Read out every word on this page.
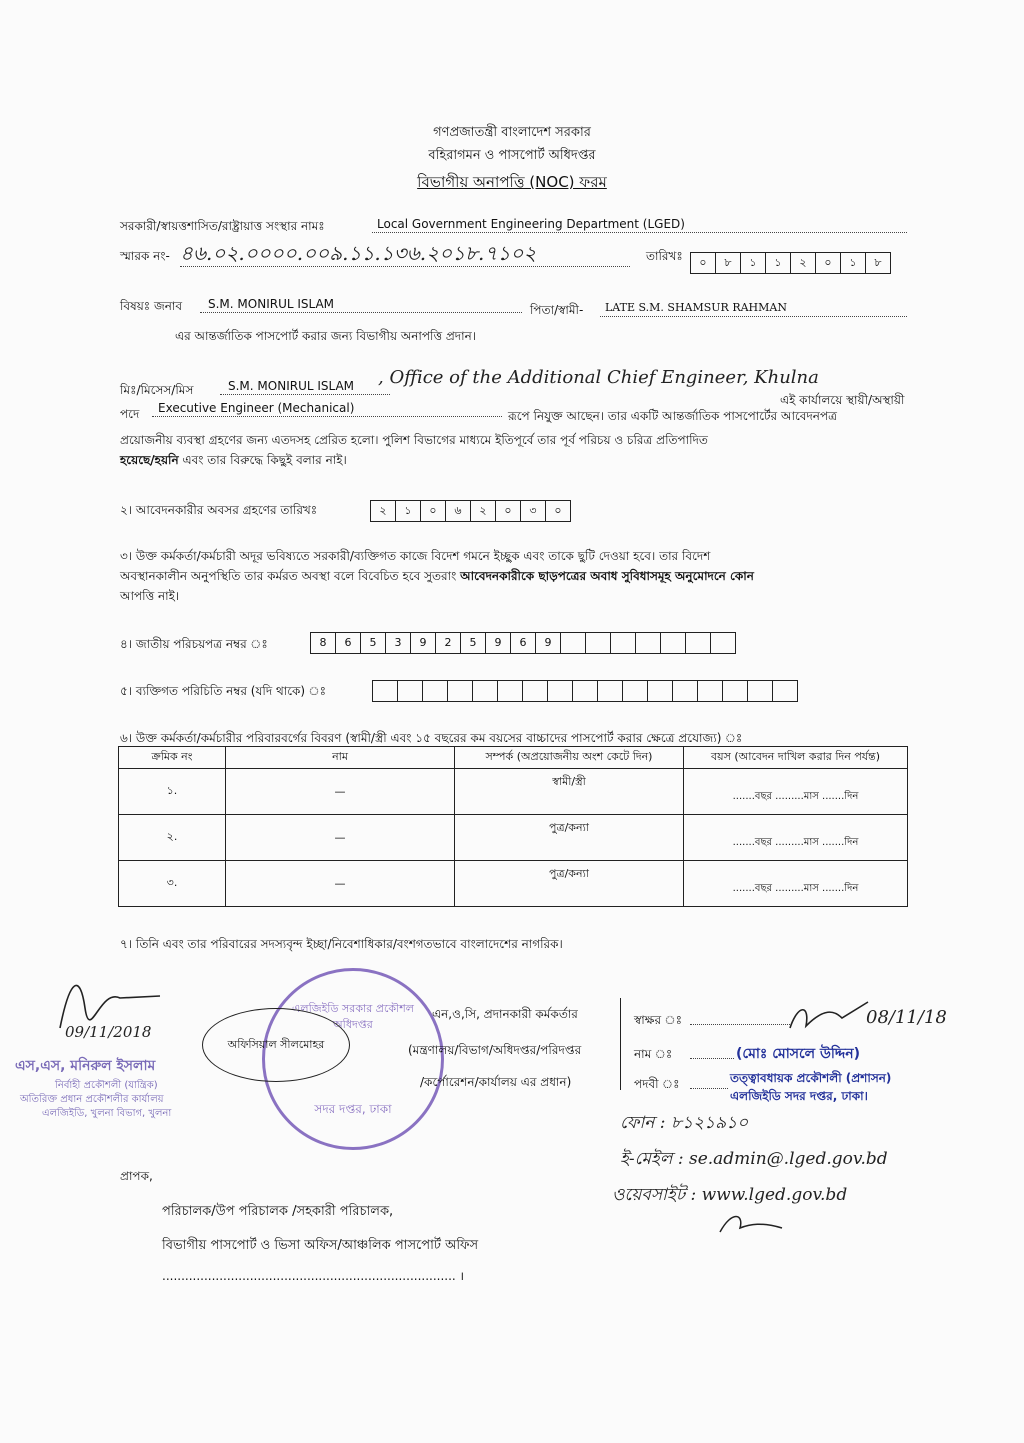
গণপ্রজাতন্ত্রী বাংলাদেশ সরকার
বহিরাগমন ও পাসপোর্ট অধিদপ্তর
বিভাগীয় অনাপত্তি (NOC) ফরম
সরকারী/স্বায়ত্তশাসিত/রাষ্ট্রায়াত্ত সংস্থার নামঃ	Local Government Engineering Department (LGED)
স্মারক নং- ৪৬.০২.০০০০.০০৯.১১.১৩৬.২০১৮.৭১০২	তারিখঃ	০	৮	১	১	২	০	১	৮
বিষয়ঃ জনাব	S.M. MONIRUL ISLAM	পিতা/স্বামী-	LATE S.M. SHAMSUR RAHMAN
এর আন্তর্জাতিক পাসপোর্ট করার জন্য বিভাগীয় অনাপত্তি প্রদান।
মিঃ/মিসেস/মিস	S.M. MONIRUL ISLAM	, Office of the Additional Chief Engineer, Khulna
এই কার্যালয়ে স্থায়ী/অস্থায়ী
পদে	Executive Engineer (Mechanical)
রূপে নিযুক্ত আছেন। তার একটি আন্তর্জাতিক পাসপোর্টের আবেদনপত্র
প্রয়োজনীয় ব্যবস্থা গ্রহণের জন্য এতদসহ প্রেরিত হলো। পুলিশ বিভাগের মাধ্যমে ইতিপূর্বে তার পূর্ব পরিচয় ও চরিত্র প্রতিপাদিত
হয়েছে/হয়নি এবং তার বিরুদ্ধে কিছুই বলার নাই।
২। আবেদনকারীর অবসর গ্রহণের তারিখঃ	২	১	০	৬	২	০	৩	০
৩। উক্ত কর্মকর্তা/কর্মচারী অদূর ভবিষ্যতে সরকারী/ব্যক্তিগত কাজে বিদেশ গমনে ইচ্ছুক এবং তাকে ছুটি দেওয়া হবে। তার বিদেশ
অবস্থানকালীন অনুপস্থিতি তার কর্মরত অবস্থা বলে বিবেচিত হবে সুতরাং আবেদনকারীকে ছাড়পত্রের অবাধ সুবিধাসমূহ অনুমোদনে কোন
আপত্তি নাই।
৪। জাতীয় পরিচয়পত্র নম্বর ঃ	8	6	5	3	9	2	5	9	6	9
৫। ব্যক্তিগত পরিচিতি নম্বর (যদি থাকে) ঃ
৬। উক্ত কর্মকর্তা/কর্মচারীর পরিবারবর্গের বিবরণ (স্বামী/স্ত্রী এবং ১৫ বছরের কম বয়সের বাচ্চাদের পাসপোর্ট করার ক্ষেত্রে প্রযোজ্য) ঃ
ক্রমিক নং	নাম	সম্পর্ক (অপ্রয়োজনীয় অংশ কেটে দিন)	বয়স (আবেদন দাখিল করার দিন পর্যন্ত)
১.	—	স্বামী/স্ত্রী	.......বছর .........মাস .......দিন
২.	—	পুত্র/কন্যা	.......বছর .........মাস .......দিন
৩.	—	পুত্র/কন্যা	.......বছর .........মাস .......দিন
৭। তিনি এবং তার পরিবারের সদস্যবৃন্দ ইচ্ছা/নিবেশাধিকার/বংশগতভাবে বাংলাদেশের নাগরিক।
09/11/2018
এস,এস, মনিরুল ইসলাম
নির্বাহী প্রকৌশলী (যান্ত্রিক)
অতিরিক্ত প্রধান প্রকৌশলীর কার্যালয়
এলজিইডি, খুলনা বিভাগ, খুলনা
এলজিইডি সরকার প্রকৌশল অধিদপ্তর
সদর দপ্তর, ঢাকা
অফিসিয়াল সীলমোহর
এন,ও,সি, প্রদানকারী কর্মকর্তার
(মন্ত্রণালয়/বিভাগ/অধিদপ্তর/পরিদপ্তর
/কর্পোরেশন/কার্যালয় এর প্রধান)
স্বাক্ষর ঃ	08/11/18
নাম ঃ	(মোঃ মোসলে উদ্দিন)
পদবী ঃ	তত্ত্বাবধায়ক প্রকৌশলী (প্রশাসন)
এলজিইডি সদর দপ্তর, ঢাকা।
ফোন : ৮১২১৯১০
ই-মেইল : se.admin@.lged.gov.bd
ওয়েবসাইট : www.lged.gov.bd
প্রাপক,
পরিচালক/উপ পরিচালক /সহকারী পরিচালক,
বিভাগীয় পাসপোর্ট ও ভিসা অফিস/আঞ্চলিক পাসপোর্ট অফিস
............................................................................. ।
